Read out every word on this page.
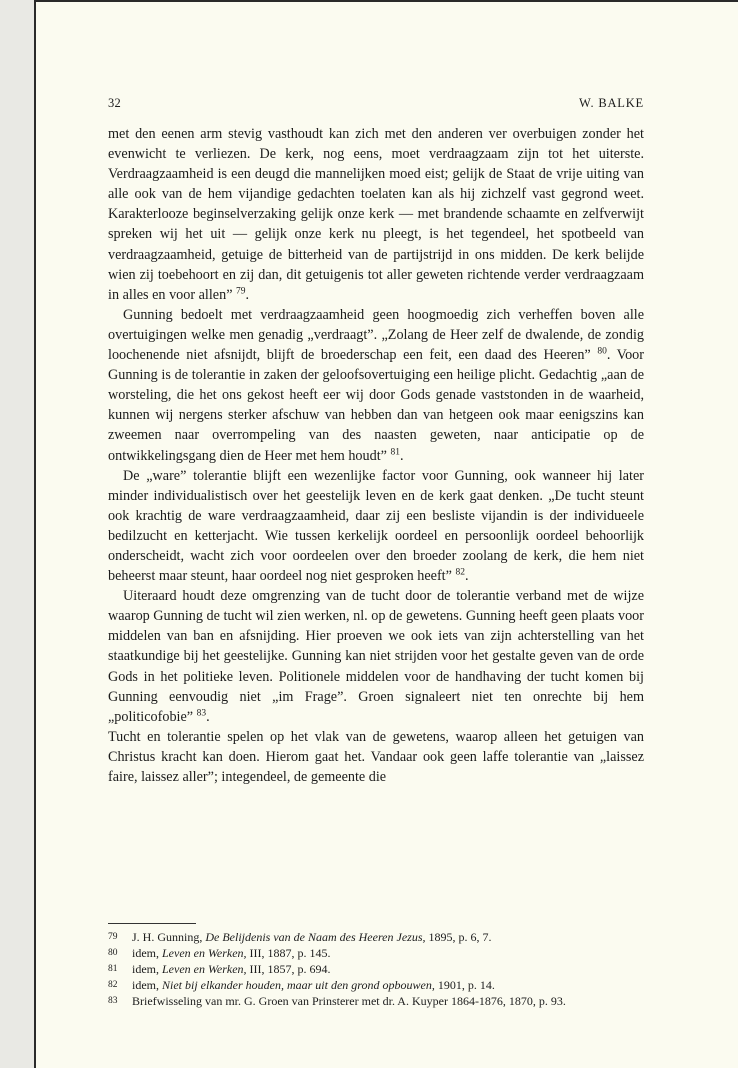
32	W. BALKE

met den eenen arm stevig vasthoudt kan zich met den anderen ver overbuigen zonder het evenwicht te verliezen. De kerk, nog eens, moet verdraagzaam zijn tot het uiterste. Verdraagzaamheid is een deugd die mannelijken moed eist; gelijk de Staat de vrije uiting van alle ook van de hem vijandige gedachten toelaten kan als hij zichzelf vast gegrond weet. Karakterlooze beginselverzaking gelijk onze kerk — met brandende schaamte en zelfverwijt spreken wij het uit — gelijk onze kerk nu pleegt, is het tegendeel, het spotbeeld van verdraagzaamheid, getuige de bitterheid van de partijstrijd in ons midden. De kerk belijde wien zij toebehoort en zij dan, dit getuigenis tot aller geweten richtende verder verdraagzaam in alles en voor allen” $^{79}$.

Gunning bedoelt met verdraagzaamheid geen hoogmoedig zich verheffen boven alle overtuigingen welke men genadig „verdraagt”. „Zolang de Heer zelf de dwalende, de zondig loochenende niet afsnijdt, blijft de broederschap een feit, een daad des Heeren” $^{80}$. Voor Gunning is de tolerantie in zaken der geloofsovertuiging een heilige plicht. Gedachtig „aan de worsteling, die het ons gekost heeft eer wij door Gods genade vaststonden in de waarheid, kunnen wij nergens sterker afschuw van hebben dan van hetgeen ook maar eenigszins kan zweemen naar overrompeling van des naasten geweten, naar anticipatie op de ontwikkelingsgang dien de Heer met hem houdt” $^{81}$.

De „ware” tolerantie blijft een wezenlijke factor voor Gunning, ook wanneer hij later minder individualistisch over het geestelijk leven en de kerk gaat denken. „De tucht steunt ook krachtig de ware verdraagzaamheid, daar zij een besliste vijandin is der individueele bedilzucht en ketterjacht. Wie tussen kerkelijk oordeel en persoonlijk oordeel behoorlijk onderscheidt, wacht zich voor oordeelen over den broeder zoolang de kerk, die hem niet beheerst maar steunt, haar oordeel nog niet gesproken heeft” $^{82}$.

Uiteraard houdt deze omgrenzing van de tucht door de tolerantie verband met de wijze waarop Gunning de tucht wil zien werken, nl. op de gewetens. Gunning heeft geen plaats voor middelen van ban en afsnijding. Hier proeven we ook iets van zijn achterstelling van het staatkundige bij het geestelijke. Gunning kan niet strijden voor het gestalte geven van de orde Gods in het politieke leven. Politionele middelen voor de handhaving der tucht komen bij Gunning eenvoudig niet „im Frage”. Groen signaleert niet ten onrechte bij hem „politicofobie” $^{83}$.

Tucht en tolerantie spelen op het vlak van de gewetens, waarop alleen het getuigen van Christus kracht kan doen. Hierom gaat het. Vandaar ook geen laffe tolerantie van „laissez faire, laissez aller”; integendeel, de gemeente die

79 J. H. Gunning, De Belijdenis van de Naam des Heeren Jezus, 1895, p. 6, 7.
80 idem, Leven en Werken, III, 1887, p. 145.
81 idem, Leven en Werken, III, 1857, p. 694.
82 idem, Niet bij elkander houden, maar uit den grond opbouwen, 1901, p. 14.
83 Briefwisseling van mr. G. Groen van Prinsterer met dr. A. Kuyper 1864-1876, 1870, p. 93.
